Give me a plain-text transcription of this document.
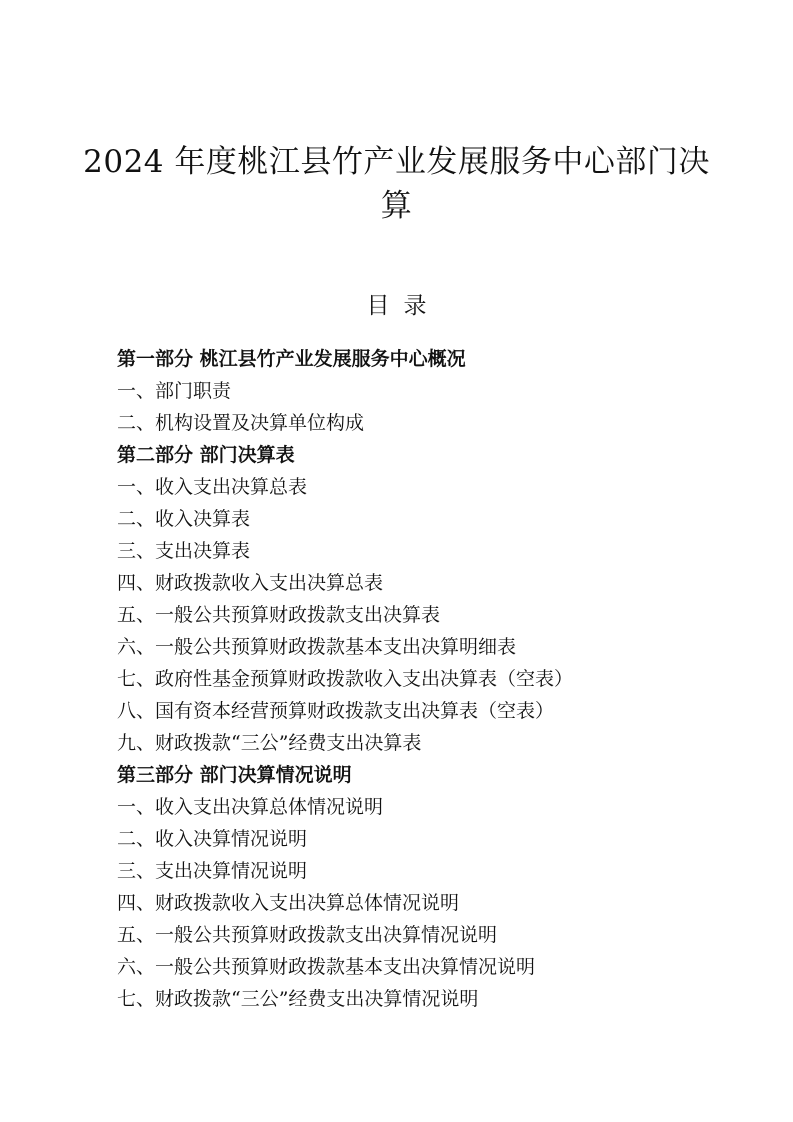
2024 年度桃江县竹产业发展服务中心部门决
算
目 录
第一部分 桃江县竹产业发展服务中心概况
一、部门职责
二、机构设置及决算单位构成
第二部分 部门决算表
一、收入支出决算总表
二、收入决算表
三、支出决算表
四、财政拨款收入支出决算总表
五、一般公共预算财政拨款支出决算表
六、一般公共预算财政拨款基本支出决算明细表
七、政府性基金预算财政拨款收入支出决算表（空表）
八、国有资本经营预算财政拨款支出决算表（空表）
九、财政拨款“三公”经费支出决算表
第三部分 部门决算情况说明
一、收入支出决算总体情况说明
二、收入决算情况说明
三、支出决算情况说明
四、财政拨款收入支出决算总体情况说明
五、一般公共预算财政拨款支出决算情况说明
六、一般公共预算财政拨款基本支出决算情况说明
七、财政拨款“三公”经费支出决算情况说明
